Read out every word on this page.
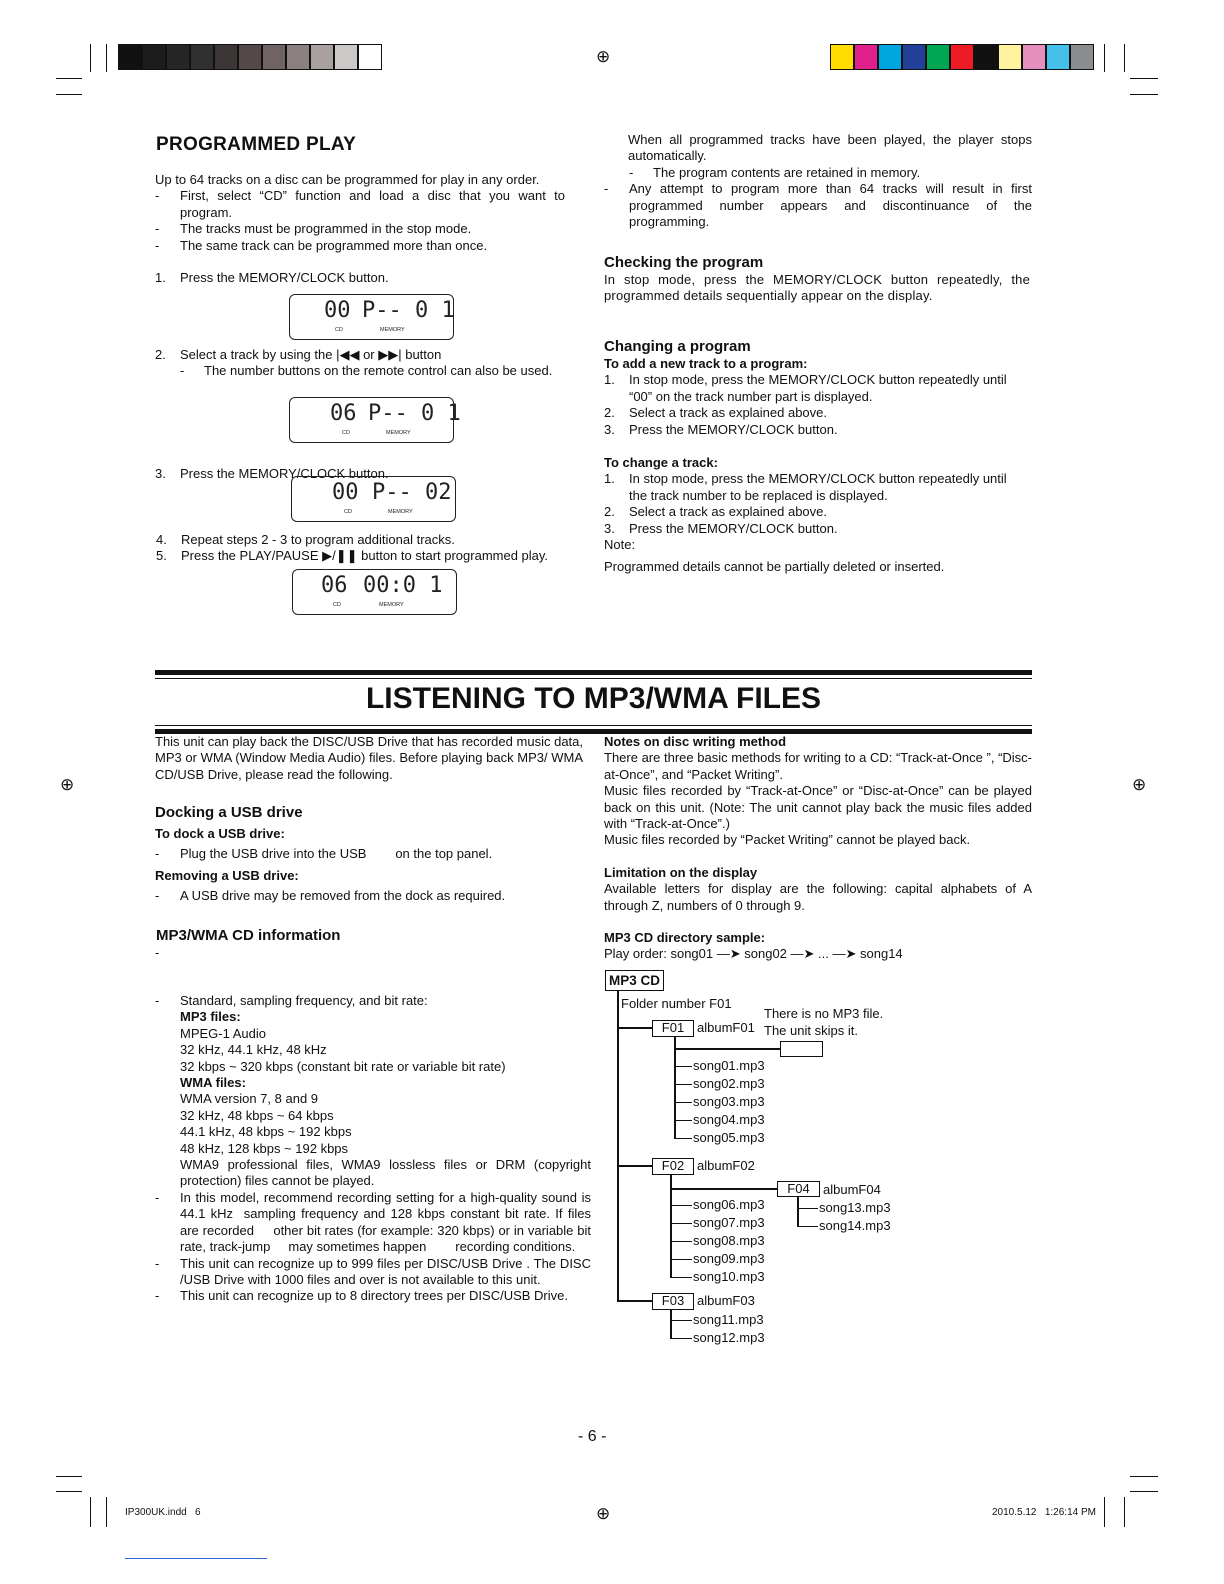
⊕
⊕	⊕
⊕
PROGRAMMED PLAY
Up to 64 tracks on a disc can be programmed for play in any order.
- First, select “CD” function and load a disc that you want to program.
- The tracks must be programmed in the stop mode.
- The same track can be programmed more than once.
1. Press the MEMORY/CLOCK button.
00 P-- 0 1
CD	MEMORY
2. Select a track by using the |◀◀ or ▶▶| button
- The number buttons on the remote control can also be used.
06 P-- 0 1
CD	MEMORY
3. Press the MEMORY/CLOCK button.
00 P-- 02
CD	MEMORY
4. Repeat steps 2 - 3 to program additional tracks.
5. Press the PLAY/PAUSE ▶/❚❚ button to start programmed play.
06 00:0 1
CD	MEMORY
When all programmed tracks have been played, the player stops automatically.
- The program contents are retained in memory.
- Any attempt to program more than 64 tracks will result in first programmed number appears and discontinuance of the programming.
Checking the program
In stop mode, press the MEMORY/CLOCK button repeatedly, the programmed details sequentially appear on the display.
Changing a program
To add a new track to a program:
1. In stop mode, press the MEMORY/CLOCK button repeatedly until “00” on the track number part is displayed.
2. Select a track as explained above.
3. Press the MEMORY/CLOCK button.
To change a track:
1. In stop mode, press the MEMORY/CLOCK button repeatedly until the track number to be replaced is displayed.
2. Select a track as explained above.
3. Press the MEMORY/CLOCK button.
Note:
Programmed details cannot be partially deleted or inserted.
LISTENING TO MP3/WMA FILES
This unit can play back the DISC/USB Drive that has recorded music data, MP3 or WMA (Window Media Audio) files. Before playing back MP3/ WMA CD/USB Drive, please read the following.
Docking a USB drive
To dock a USB drive:
- Plug the USB drive into the USB        on the top panel.
Removing a USB drive:
- A USB drive may be removed from the dock as required.
MP3/WMA CD information
-
- Standard, sampling frequency, and bit rate:
MP3 files:
MPEG-1 Audio
32 kHz, 44.1 kHz, 48 kHz
32 kbps ~ 320 kbps (constant bit rate or variable bit rate)
WMA files:
WMA version 7, 8 and 9
32 kHz, 48 kbps ~ 64 kbps
44.1 kHz, 48 kbps ~ 192 kbps
48 kHz, 128 kbps ~ 192 kbps
WMA9 professional files, WMA9 lossless files or DRM (copyright protection) files cannot be played.
- In this model, recommend recording setting for a high-quality sound is 44.1 kHz  sampling frequency and 128 kbps constant bit rate. If files are recorded     other bit rates (for example: 320 kbps) or in variable bit rate, track-jump     may sometimes happen        recording conditions.
- This unit can recognize up to 999 files per DISC/USB Drive . The DISC /USB Drive with 1000 files and over is not available to this unit.
- This unit can recognize up to 8 directory trees per DISC/USB Drive.
Notes on disc writing method
There are three basic methods for writing to a CD: “Track-at-Once ”, “Disc-at-Once”, and “Packet Writing”.
Music files recorded by “Track-at-Once” or “Disc-at-Once” can be played back on this unit. (Note: The unit cannot play back the music files added with “Track-at-Once”.)
Music files recorded by “Packet Writing” cannot be played back.
Limitation on the display
Available letters for display are the following: capital alphabets of A through Z, numbers of 0 through 9.
MP3 CD directory sample:
Play order: song01 —➤ song02 —➤ ... —➤ song14
MP3 CD
Folder number F01
There is no MP3 file.
The unit skips it.
F01 albumF01
song01.mp3
song02.mp3
song03.mp3
song04.mp3
song05.mp3
F02 albumF02
F04	albumF04
song13.mp3
song14.mp3
song06.mp3
song07.mp3
song08.mp3
song09.mp3
song10.mp3
F03 albumF03
song11.mp3
song12.mp3
- 6 -
IP300UK.indd   6	2010.5.12   1:26:14 PM
